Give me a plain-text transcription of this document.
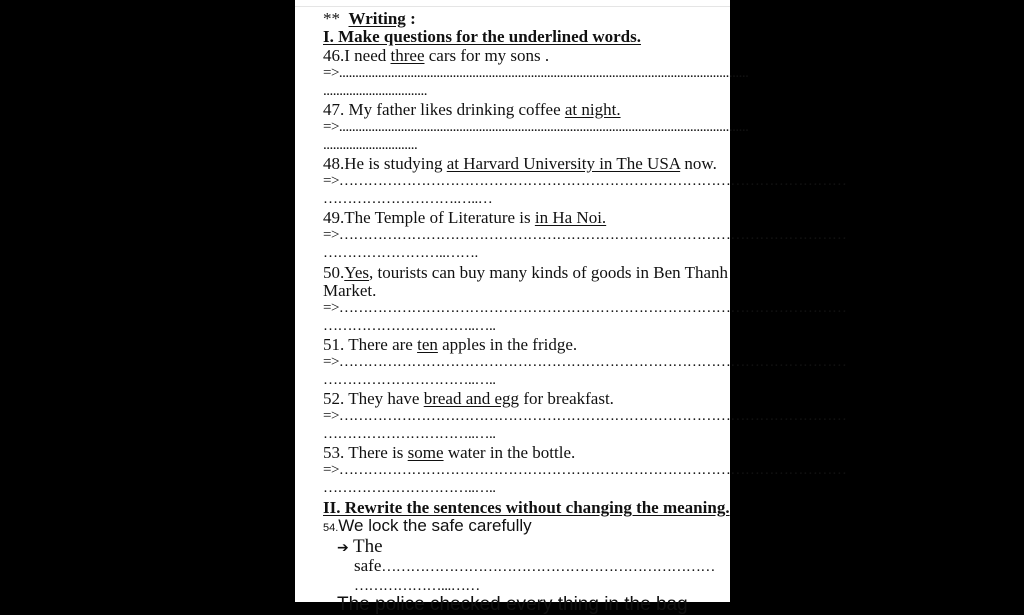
** Writing :
I. Make questions for the underlined words.
46.I need three cars for my sons .
=>..............................................................................................................................
................................
47. My father likes drinking coffee at night.
=>..............................................................................................................................
.............................
48.He is studying at Harvard University in The USA now.
=>……………………………………………………………………………………………
……………………….…..…
49.The Temple of Literature is in Ha Noi.
=>……………………………………………………………………………………………
……………………..…….
50.Yes, tourists can buy many kinds of goods in Ben Thanh
Market.
=>……………………………………………………………………………………………
…………………………..…..
51. There are ten apples in the fridge.
=>……………………………………………………………………………………………
…………………………..…..
52. They have bread and egg for breakfast.
=>……………………………………………………………………………………………
…………………………..…..
53. There is some water in the bottle.
=>……………………………………………………………………………………………
…………………………..…..
II. Rewrite the sentences without changing the meaning.
54.We lock the safe carefully
➔ The
safe……………………………………………………………
………………...……
The police checked every thing in the bag
